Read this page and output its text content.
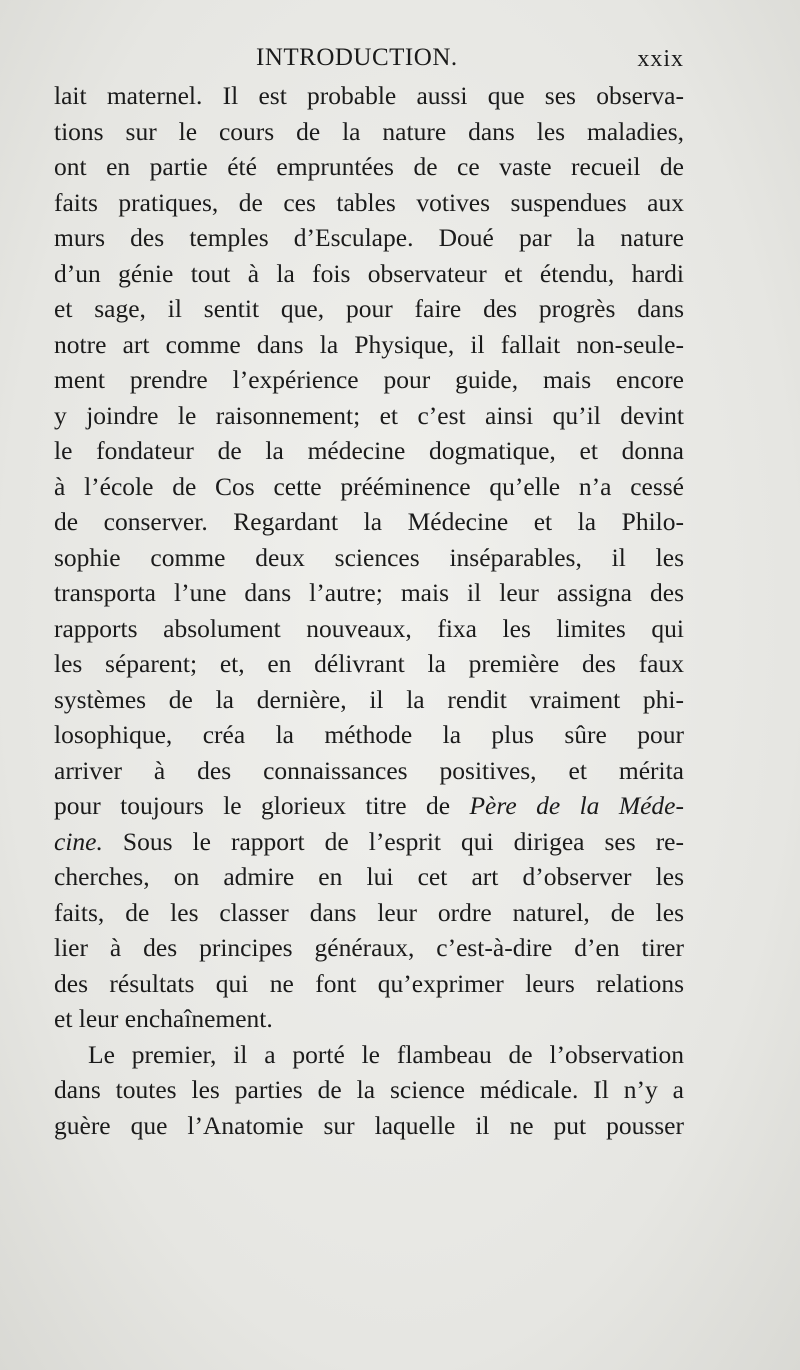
INTRODUCTION.	xxix
lait maternel. Il est probable aussi que ses observa-
tions sur le cours de la nature dans les maladies,
ont en partie été empruntées de ce vaste recueil de
faits pratiques, de ces tables votives suspendues aux
murs des temples d’Esculape. Doué par la nature
d’un génie tout à la fois observateur et étendu, hardi
et sage, il sentit que, pour faire des progrès dans
notre art comme dans la Physique, il fallait non-seule-
ment prendre l’expérience pour guide, mais encore
y joindre le raisonnement; et c’est ainsi qu’il devint
le fondateur de la médecine dogmatique, et donna
à l’école de Cos cette prééminence qu’elle n’a cessé
de conserver. Regardant la Médecine et la Philo-
sophie comme deux sciences inséparables, il les
transporta l’une dans l’autre; mais il leur assigna des
rapports absolument nouveaux, fixa les limites qui
les séparent; et, en délivrant la première des faux
systèmes de la dernière, il la rendit vraiment phi-
losophique, créa la méthode la plus sûre pour
arriver à des connaissances positives, et mérita
pour toujours le glorieux titre de Père de la Méde-
cine. Sous le rapport de l’esprit qui dirigea ses re-
cherches, on admire en lui cet art d’observer les
faits, de les classer dans leur ordre naturel, de les
lier à des principes généraux, c’est-à-dire d’en tirer
des résultats qui ne font qu’exprimer leurs relations
et leur enchaînement.
Le premier, il a porté le flambeau de l’observation
dans toutes les parties de la science médicale. Il n’y a
guère que l’Anatomie sur laquelle il ne put pousser
